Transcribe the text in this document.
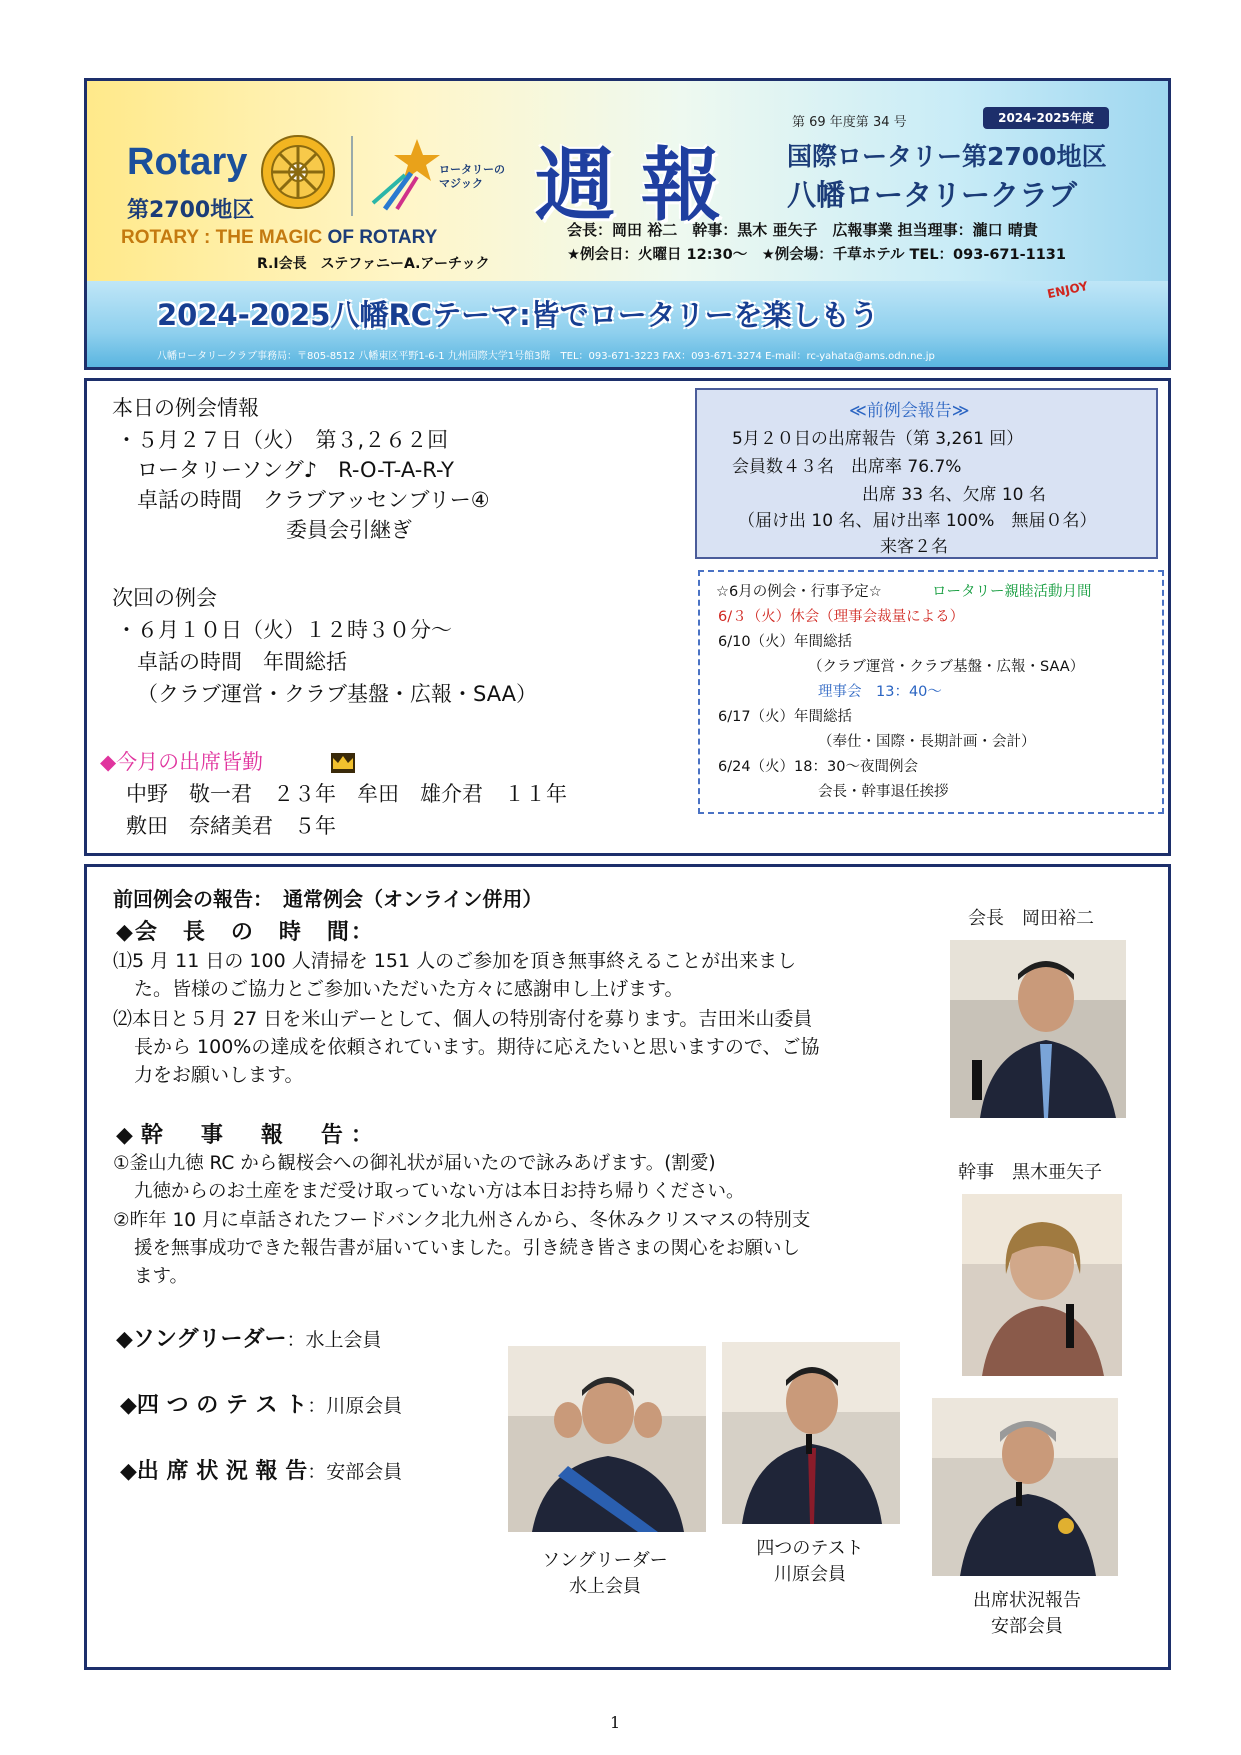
Rotary
第2700地区
ロータリーの
マジック
ROTARY : THE MAGIC OF ROTARY
R.I会長　ステファニーA.アーチック
週報
第 69 年度第 34 号	2024-2025年度
国際ロータリー第2700地区
八幡ロータリークラブ
会長：岡田 裕二　幹事：黒木 亜矢子　広報事業 担当理事：瀧口 晴貴
★例会日：火曜日 12:30～　★例会場：千草ホテル TEL：093-671-1131
2024-2025八幡RCテーマ:皆でロータリーを楽しもう
ENJOY
八幡ロータリークラブ事務局：〒805-8512 八幡東区平野1-6-1 九州国際大学1号館3階　TEL：093-671-3223 FAX：093-671-3274 E-mail：rc-yahata@ams.odn.ne.jp
本日の例会情報
・５月２７日（火）　第３,２６２回
ロータリーソング♪　R-O-T-A-R-Y
卓話の時間　クラブアッセンブリー④
委員会引継ぎ
次回の例会
・６月１０日（火）１２時３０分～
卓話の時間　年間総括
（クラブ運営・クラブ基盤・広報・SAA）
◆今月の出席皆勤
中野　敬一君　２３年　牟田　雄介君　１１年
敷田　奈緒美君　５年
≪前例会報告≫
5月２０日の出席報告（第 3,261 回）
会員数４３名　出席率 76.7%
出席 33 名、欠席 10 名
（届け出 10 名、届け出率 100%　無届０名）
来客２名
☆6月の例会・行事予定☆	ロータリー親睦活動月間
6/３（火）休会（理事会裁量による）
6/10（火）年間総括
（クラブ運営・クラブ基盤・広報・SAA）
理事会　13：40～
6/17（火）年間総括
（奉仕・国際・長期計画・会計）
6/24（火）18：30～夜間例会
会長・幹事退任挨拶
前回例会の報告：　通常例会（オンライン併用）
◆会　長　の　時　間：
⑴5 月 11 日の 100 人清掃を 151 人のご参加を頂き無事終えることが出来まし
た。皆様のご協力とご参加いただいた方々に感謝申し上げます。
⑵本日と５月 27 日を米山デーとして、個人の特別寄付を募ります。吉田米山委員
長から 100%の達成を依頼されています。期待に応えたいと思いますので、ご協
力をお願いします。
◆幹　事　報　告：
①釜山九徳 RC から観桜会への御礼状が届いたので詠みあげます。(割愛)
九徳からのお土産をまだ受け取っていない方は本日お持ち帰りください。
②昨年 10 月に卓話されたフードバンク北九州さんから、冬休みクリスマスの特別支
援を無事成功できた報告書が届いていました。引き続き皆さまの関心をお願いし
ます。
◆ソングリーダー：水上会員
◆四 つ の テ ス ト：川原会員
◆出 席 状 況 報 告：安部会員
会長　岡田裕二
幹事　黒木亜矢子
ソングリーダー
水上会員
四つのテスト
川原会員
出席状況報告
安部会員
1
